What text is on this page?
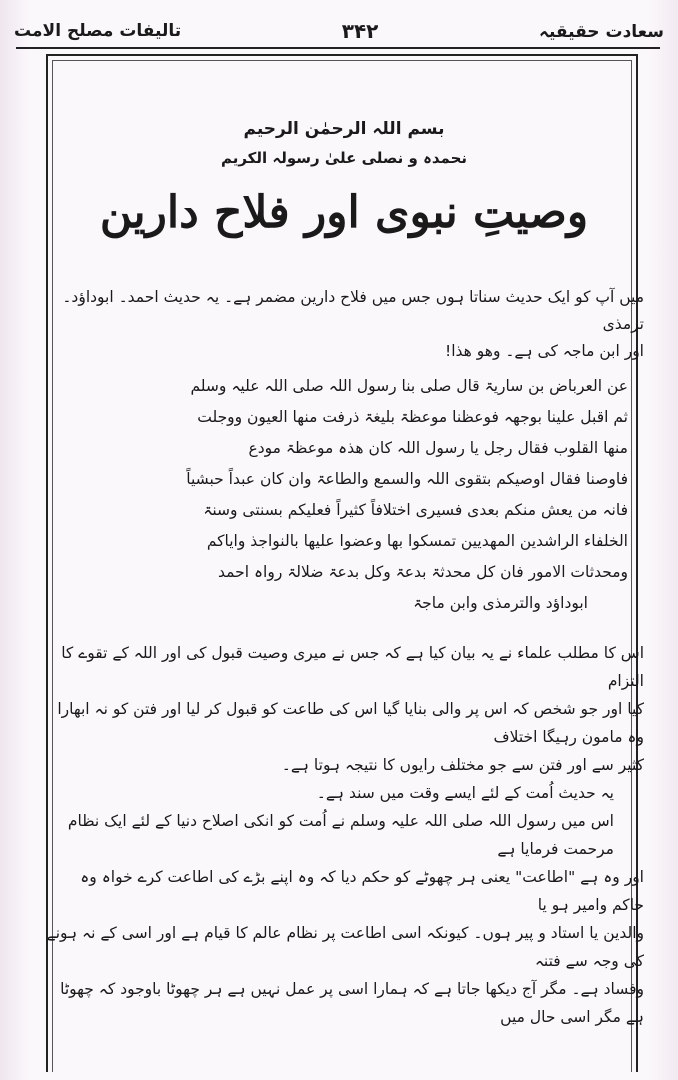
سعادت حقیقیہ
۳۴۲
تالیفات مصلح الامت
بسم اللہ الرحمٰن الرحیم
نحمدہ و نصلی علیٰ رسولہ الکریم
وصیتِ نبوی اور فلاح دارین
میں آپ کو ایک حدیث سناتا ہوں جس میں فلاح دارین مضمر ہے۔ یہ حدیث احمد۔ ابوداؤد۔ ترمذی
اور ابن ماجہ کی ہے۔ وھو ھذا!

عن العرباض بن ساریۃ قال صلی بنا رسول اللہ صلی اللہ علیہ وسلم

ثم اقبل علینا بوجھہ فوعظنا موعظۃ بلیغۃ ذرفت منھا العیون ووجلت

منھا القلوب فقال رجل یا رسول اللہ کان ھذہ موعظۃ مودع

فاوصنا فقال اوصیکم بتقوی اللہ والسمع والطاعۃ وان کان عبداً حبشیاً

فانہ من یعش منکم بعدی فسیری اختلافاً کثیراً فعلیکم بسنتی وسنۃ

الخلفاء الراشدین المھدیین تمسکوا بھا وعضوا علیھا بالنواجذ وایاکم

ومحدثات الامور فان کل محدثۃ بدعۃ وکل بدعۃ ضلالۃ رواہ احمد

ابوداؤد والترمذی وابن ماجۃ

اس کا مطلب علماء نے یہ بیان کیا ہے کہ جس نے میری وصیت قبول کی اور اللہ کے تقوے کا التزام

کیا اور جو شخص کہ اس پر والی بنایا گیا اس کی طاعت کو قبول کر لیا اور فتن کو نہ ابھارا وہ مامون رہیگا اختلاف

کثیر سے اور فتن سے جو مختلف رایوں کا نتیجہ ہوتا ہے۔

یہ حدیث اُمت کے لئے ایسے وقت میں سند ہے۔

اس میں رسول اللہ صلی اللہ علیہ وسلم نے اُمت کو انکی اصلاح دنیا کے لئے ایک نظام مرحمت فرمایا ہے

اور وہ ہے "اطاعت" یعنی ہر چھوٹے کو حکم دیا کہ وہ اپنے بڑے کی اطاعت کرے خواہ وہ حاکم وامیر ہو یا

والدین یا استاد و پیر ہوں۔ کیونکہ اسی اطاعت پر نظام عالم کا قیام ہے اور اسی کے نہ ہونے کی وجہ سے فتنہ

وفساد ہے۔ مگر آج دیکھا جاتا ہے کہ ہمارا اسی پر عمل نہیں ہے ہر چھوٹا باوجود کہ چھوٹا ہے مگر اسی حال میں
